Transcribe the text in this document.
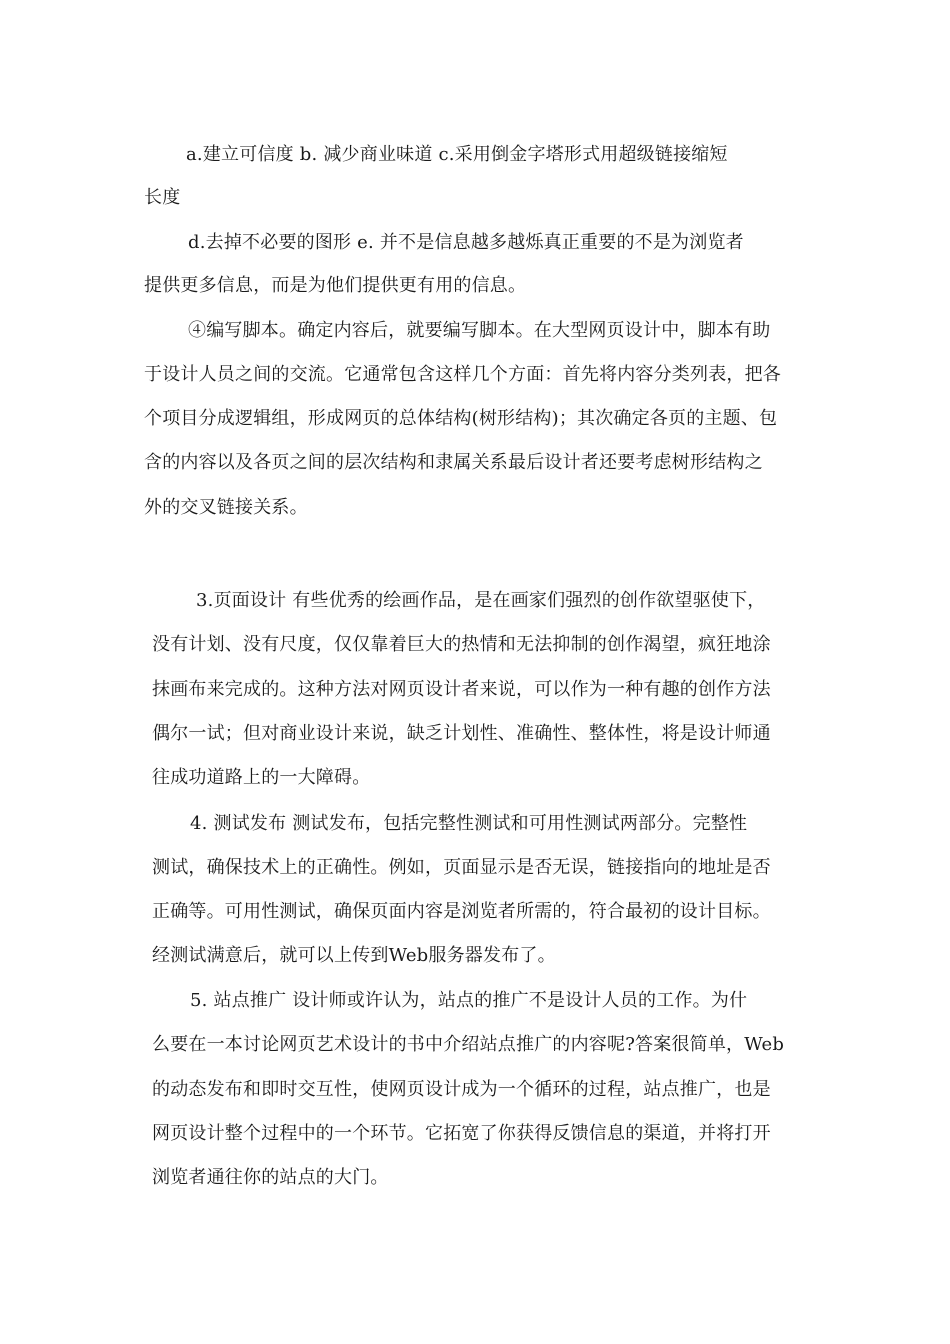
a.建立可信度 b. 减少商业味道 c.采用倒金字塔形式用超级链接缩短
长度
d.去掉不必要的图形 e. 并不是信息越多越烁真正重要的不是为浏览者
提供更多信息，而是为他们提供更有用的信息。
④编写脚本。确定内容后，就要编写脚本。在大型网页设计中，脚本有助
于设计人员之间的交流。它通常包含这样几个方面：首先将内容分类列表，把各
个项目分成逻辑组，形成网页的总体结构(树形结构)；其次确定各页的主题、包
含的内容以及各页之间的层次结构和隶属关系最后设计者还要考虑树形结构之
外的交叉链接关系。
3.页面设计 有些优秀的绘画作品，是在画家们强烈的创作欲望驱使下，
没有计划、没有尺度，仅仅靠着巨大的热情和无法抑制的创作渴望，疯狂地涂
抹画布来完成的。这种方法对网页设计者来说，可以作为一种有趣的创作方法
偶尔一试；但对商业设计来说，缺乏计划性、准确性、整体性，将是设计师通
往成功道路上的一大障碍。
4. 测试发布 测试发布，包括完整性测试和可用性测试两部分。完整性
测试，确保技术上的正确性。例如，页面显示是否无误，链接指向的地址是否
正确等。可用性测试，确保页面内容是浏览者所需的，符合最初的设计目标。
经测试满意后，就可以上传到Web服务器发布了。
5. 站点推广 设计师或许认为，站点的推广不是设计人员的工作。为什
么要在一本讨论网页艺术设计的书中介绍站点推广的内容呢?答案很简单，Web
的动态发布和即时交互性，使网页设计成为一个循环的过程，站点推广，也是
网页设计整个过程中的一个环节。它拓宽了你获得反馈信息的渠道，并将打开
浏览者通往你的站点的大门。
